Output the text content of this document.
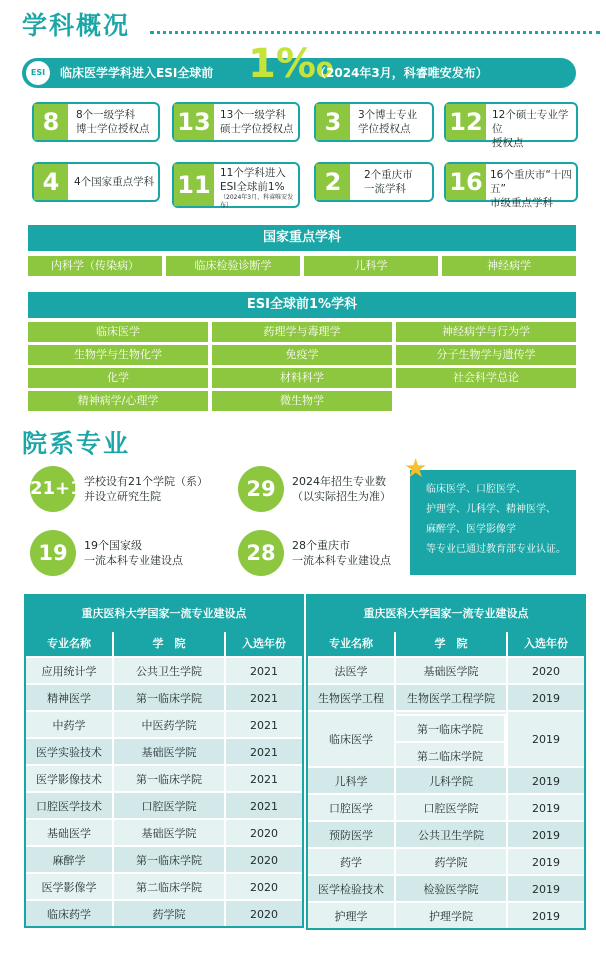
学科概况
ESI	临床医学学科进入ESI全球前 1‰
（2024年3月，科睿唯安发布）
8	8个一级学科
博士学位授权点 13 13个一级学科
硕士学位授权点	3	3个博士专业
学位授权点 12 12个硕士专业学位
授权点
4	4个国家重点学科 11 11个学科进入
ESI全球前1%
（2024年3月，科睿唯安发布）
2	2个重庆市
一流学科 16 16个重庆市“十四五”
市级重点学科
国家重点学科
内科学（传染病）	临床检验诊断学	儿科学	神经病学
ESI全球前1%学科
临床医学	药理学与毒理学	神经病学与行为学
生物学与生物化学	免疫学	分子生物学与遗传学
化学	材料科学	社会科学总论
精神病学/心理学	微生物学
院系专业
21+1 学校设有21个学院（系）
并设立研究生院	29	2024年招生专业数
（以实际招生为准）
19	19个国家级
一流本科专业建设点	28	28个重庆市
一流本科专业建设点
临床医学、口腔医学、
护理学、儿科学、精神医学、
麻醉学、医学影像学
等专业已通过教育部专业认证。
★
重庆医科大学国家一流专业建设点
专业名称	学　院	入选年份
应用统计学	公共卫生学院	2021
精神医学	第一临床学院	2021
中药学	中医药学院	2021
医学实验技术	基础医学院	2021
医学影像技术	第一临床学院	2021
口腔医学技术	口腔医学院	2021
基础医学	基础医学院	2020
麻醉学	第一临床学院	2020
医学影像学	第二临床学院	2020
临床药学	药学院	2020
重庆医科大学国家一流专业建设点
专业名称	学　院	入选年份
法医学	基础医学院	2020
生物医学工程	生物医学工程学院	2019
临床医学
第一临床学院
第二临床学院
2019
儿科学	儿科学院	2019
口腔医学	口腔医学院	2019
预防医学	公共卫生学院	2019
药学	药学院	2019
医学检验技术	检验医学院	2019
护理学	护理学院	2019
